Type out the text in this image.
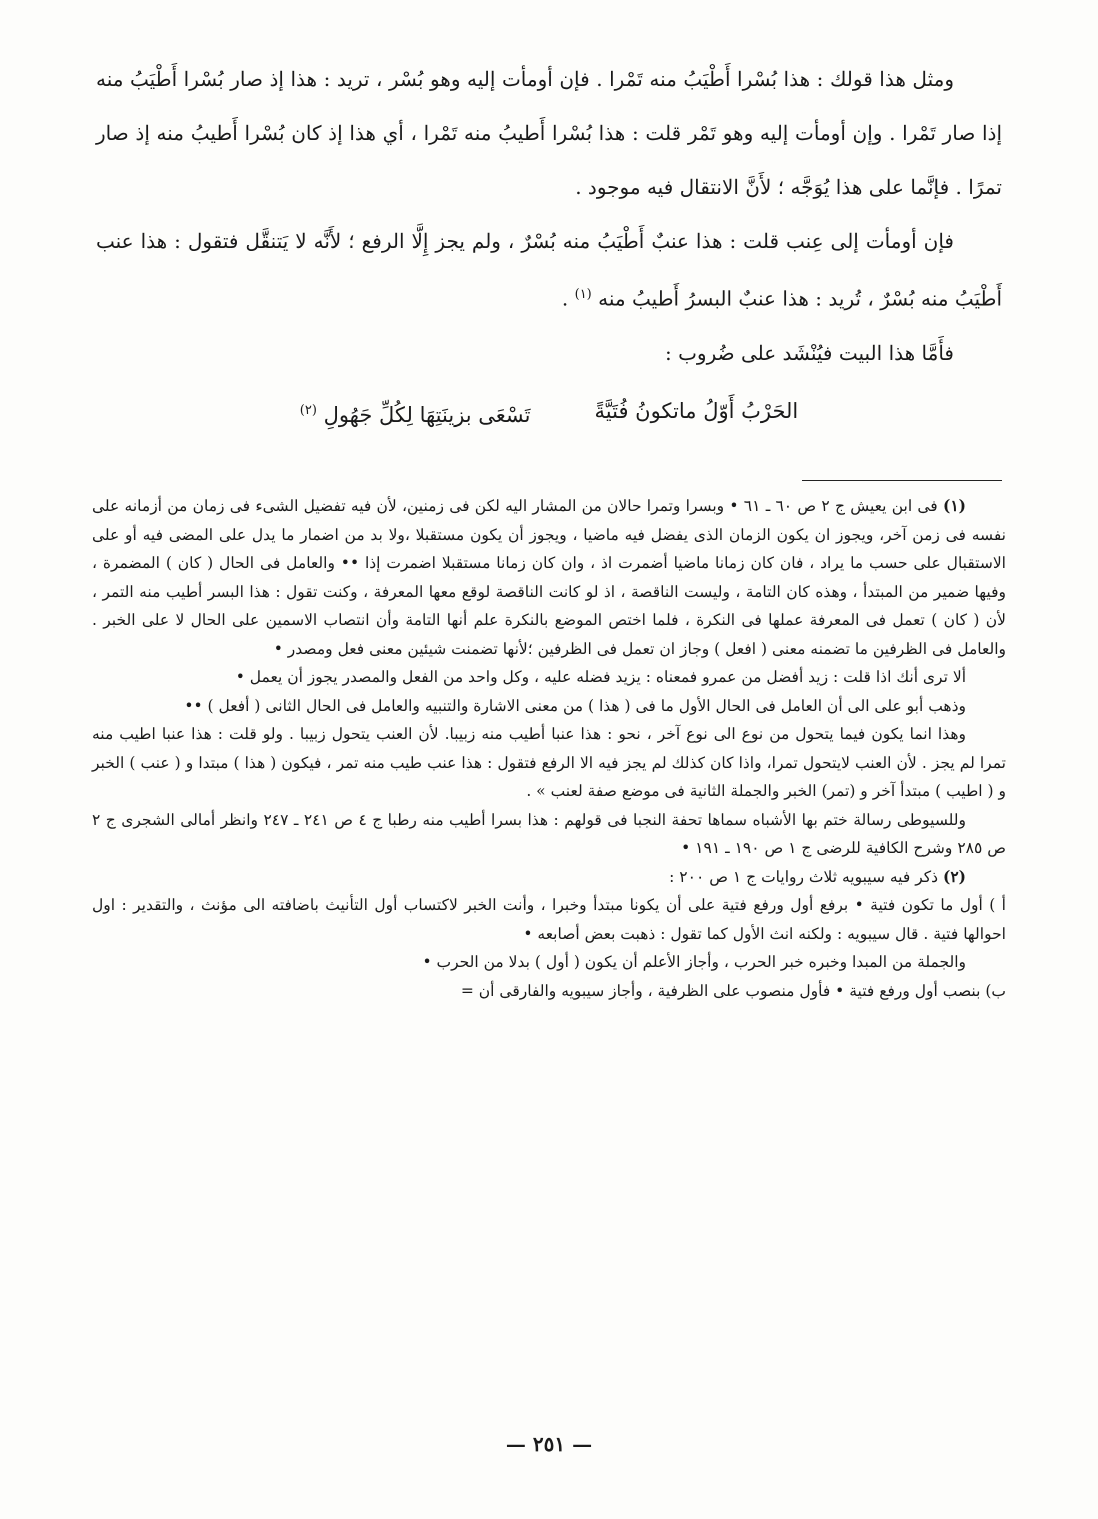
ومثل هذا قولك : هذا بُسْرا أَطْيَبُ منه تَمْرا . فإن أومأت إليه وهو بُسْر ، تريد : هذا إذ صار بُسْرا أَطْيَبُ منه إذا صار تَمْرا . وإن أومأت إليه وهو تَمْر قلت : هذا بُسْرا أَطيبُ منه تَمْرا ، أي هذا إذ كان بُسْرا أَطيبُ منه إذ صار تمرًا . فإنَّما على هذا يُوَجَّه ؛ لأَنَّ الانتقال فيه موجود .

فإن أومأت إلى عِنب قلت : هذا عنبٌ أَطْيَبُ منه بُسْرٌ ، ولم يجز إِلَّا الرفع ؛ لأَنَّه لا يَتنقَّل فتقول : هذا عنب أَطْيَبُ منه بُسْرٌ ، تُريد : هذا عنبٌ البسرُ أَطيبُ منه $^{(١)}$ .

فأَمَّا هذا البيت فيُنْشَد على ضُروب :

الحَرْبُ أَوّلُ ماتكونُ فُتَيَّةً
تَسْعَى بزينَتِهَا لِكُلِّ جَهُولِ $^{(٢)}$

(١) فى ابن يعيش ج ٢ ص ٦٠ ـ ٦١ • وبسرا وتمرا حالان من المشار اليه لكن فى زمنين، لأن فيه تفضيل الشىء فى زمان من أزمانه على نفسه فى زمن آخر، ويجوز ان يكون الزمان الذى يفضل فيه ماضيا ، ويجوز أن يكون مستقبلا ،ولا بد من اضمار ما يدل على المضى فيه أو على الاستقبال على حسب ما يراد ، فان كان زمانا ماضيا أضمرت اذ ، وان كان زمانا مستقبلا اضمرت إذا •• والعامل فى الحال ( كان ) المضمرة ، وفيها ضمير من المبتدأ ، وهذه كان التامة ، وليست الناقصة ، اذ لو كانت الناقصة لوقع معها المعرفة ، وكنت تقول : هذا البسر أطيب منه التمر ، لأن ( كان ) تعمل فى المعرفة عملها فى النكرة ، فلما اختص الموضع بالنكرة علم أنها التامة وأن انتصاب الاسمين على الحال لا على الخبر . والعامل فى الظرفين ما تضمنه معنى ( افعل ) وجاز ان تعمل فى الظرفين ؛لأنها تضمنت شيئين معنى فعل ومصدر •

ألا ترى أنك اذا قلت : زيد أفضل من عمرو فمعناه : يزيد فضله عليه ، وكل واحد من الفعل والمصدر يجوز أن يعمل •

وذهب أبو على الى أن العامل فى الحال الأول ما فى ( هذا ) من معنى الاشارة والتنبيه والعامل فى الحال الثانى ( أفعل ) ••

وهذا انما يكون فيما يتحول من نوع الى نوع آخر ، نحو : هذا عنبا أطيب منه زبيبا. لأن العنب يتحول زبيبا . ولو قلت : هذا عنبا اطيب منه تمرا لم يجز . لأن العنب لايتحول تمرا، واذا كان كذلك لم يجز فيه الا الرفع فتقول : هذا عنب طيب منه تمر ، فيكون ( هذا ) مبتدا و ( عنب ) الخبر و ( اطيب ) مبتدأ آخر و (تمر) الخبر والجملة الثانية فى موضع صفة لعنب » .

وللسيوطى رسالة ختم بها الأشباه سماها تحفة النجبا فى قولهم : هذا بسرا أطيب منه رطبا ج ٤ ص ٢٤١ ـ ٢٤٧ وانظر أمالى الشجرى ج ٢ ص ٢٨٥ وشرح الكافية للرضى ج ١ ص ١٩٠ ـ ١٩١ •

(٢) ذكر فيه سيبويه ثلاث روايات ج ١ ص ٢٠٠ :

أ ) أول ما تكون فتية • برفع أول ورفع فتية على أن يكونا مبتدأ وخبرا ، وأنت الخبر لاكتساب أول التأنيث باضافته الى مؤنث ، والتقدير : اول احوالها فتية . قال سيبويه : ولكنه انث الأول كما تقول : ذهبت بعض أصابعه •

والجملة من المبدا وخبره خبر الحرب ، وأجاز الأعلم أن يكون ( أول ) بدلا من الحرب •

ب) بنصب أول ورفع فتية • فأول منصوب على الظرفية ، وأجاز سيبويه والفارقى أن =

— ٢٥١ —
